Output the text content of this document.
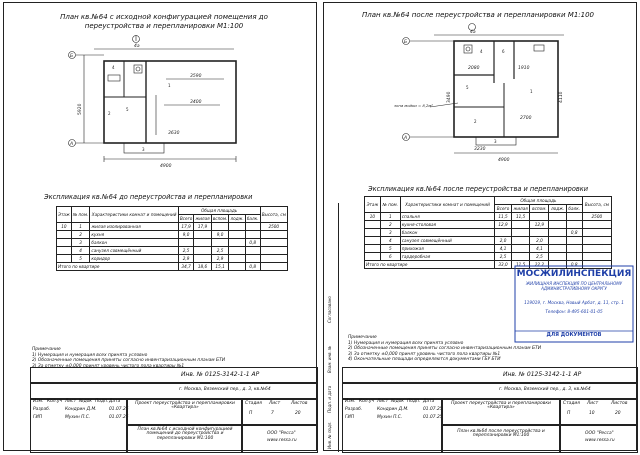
План кв.№64 с исходной конфигурацией помещения до переустройства и перепланировки М1:100
4а
3590
3400
3630
4900
Б
А
4
5
1
2
3
5920
Экспликация кв.№64 до переустройства и перепланировки
Этаж	№ пом.	Характеристики комнат и помещений	Общая площадь					Высота, см
			Всего	жилая	вспом.	лодж.	балк.	
10	1	жилая изолированная	17,9	17,9				2500
	2	кухня	9,0		9,0			
	3	балкон					0,8	
	4	санузел совмещённый	2,5		2,5			
	5	коридор	2,9		2,9			
Итого по квартире			34,7	18,6	15,1		0,8	
Примечание
1) Нумерация и нумерация всех принята условно
2) Обозначенные помещения приняты согласно инвентаризационным планам БТИ
3) За отметку ±0,000 принят уровень чистого пола квартиры №1
Инв. № 0125-3142-1-1 АР
г. Москва, Вяземский пер., д. 3, кв.№64
Изм. Кол.уч Лист №док Подп. Дата
Разраб.	Кондрин Д.М.	01.07.25
ГИП	Мухин П.С.	01.07.25
Проект переустройства и перепланировки «Квартира»
План кв.№64 с исходной конфигурацией помещений до переустройства и перепланировки М1:100
Стадия Лист Листов
П	7	20
ООО "Ресса"
www.ressa.ru
План кв.№64 после переустройства и перепланировки М1:100
4а
2080	1910
2700
3230
4900
Б
А
зона мойки = 8,2м²
4
5
6
1
2
3
3490	4110
Экспликация кв.№64 после переустройства и перепланировки
Этаж	№ пом.	Характеристики комнат и помещений	Общая площадь					Высота, см
			Всего	жилая	вспом.	лодж.	балк.	
10	1	спальня	11,5	11,5				2500
	2	кухня-столовая	12,9		12,9			
	3	балкон					0,8	
	4	санузел совмещённый	2,0		2,0			
	5	прихожая	4,1		4,1			
	6	гардеробная	2,5		2,5			
Итого по квартире			33,0	11,5	22,2		0,8	
МОСЖИЛИНСПЕКЦИЯ
ЖИЛИЩНАЯ ИНСПЕКЦИЯ ПО ЦЕНТРАЛЬНОМУ АДМИНИСТРАТИВНОМУ ОКРУГУ
119019, г. Москва, Новый Арбат, д. 11, стр. 1
Телефон: 8-495-601-01-05
ДЛЯ ДОКУМЕНТОВ
Примечание
1) Нумерация и нумерация всех принята условно
2) Обозначенные помещения приняты согласно инвентаризационным планам БТИ
3) За отметку ±0,000 принят уровень чистого пола квартиры №1
4) Окончательные площади определяются документами ГБУ БТИ
Согласовано
Взам. инв. №
Подп. и дата
Инв. № подл.
Инв. № 0125-3142-1-1 АР
г. Москва, Вяземский пер., д. 3, кв.№64
Изм. Кол.уч Лист №док Подп. Дата
Разраб.	Кондрин Д.М.	01.07.25
ГИП	Мухин П.С.	01.07.25
Проект переустройства и перепланировки «Квартира»
План кв.№64 после переустройства и перепланировки М1:100
Стадия Лист	Листов
П	10	20
ООО "Ресса"
www.ressa.ru
